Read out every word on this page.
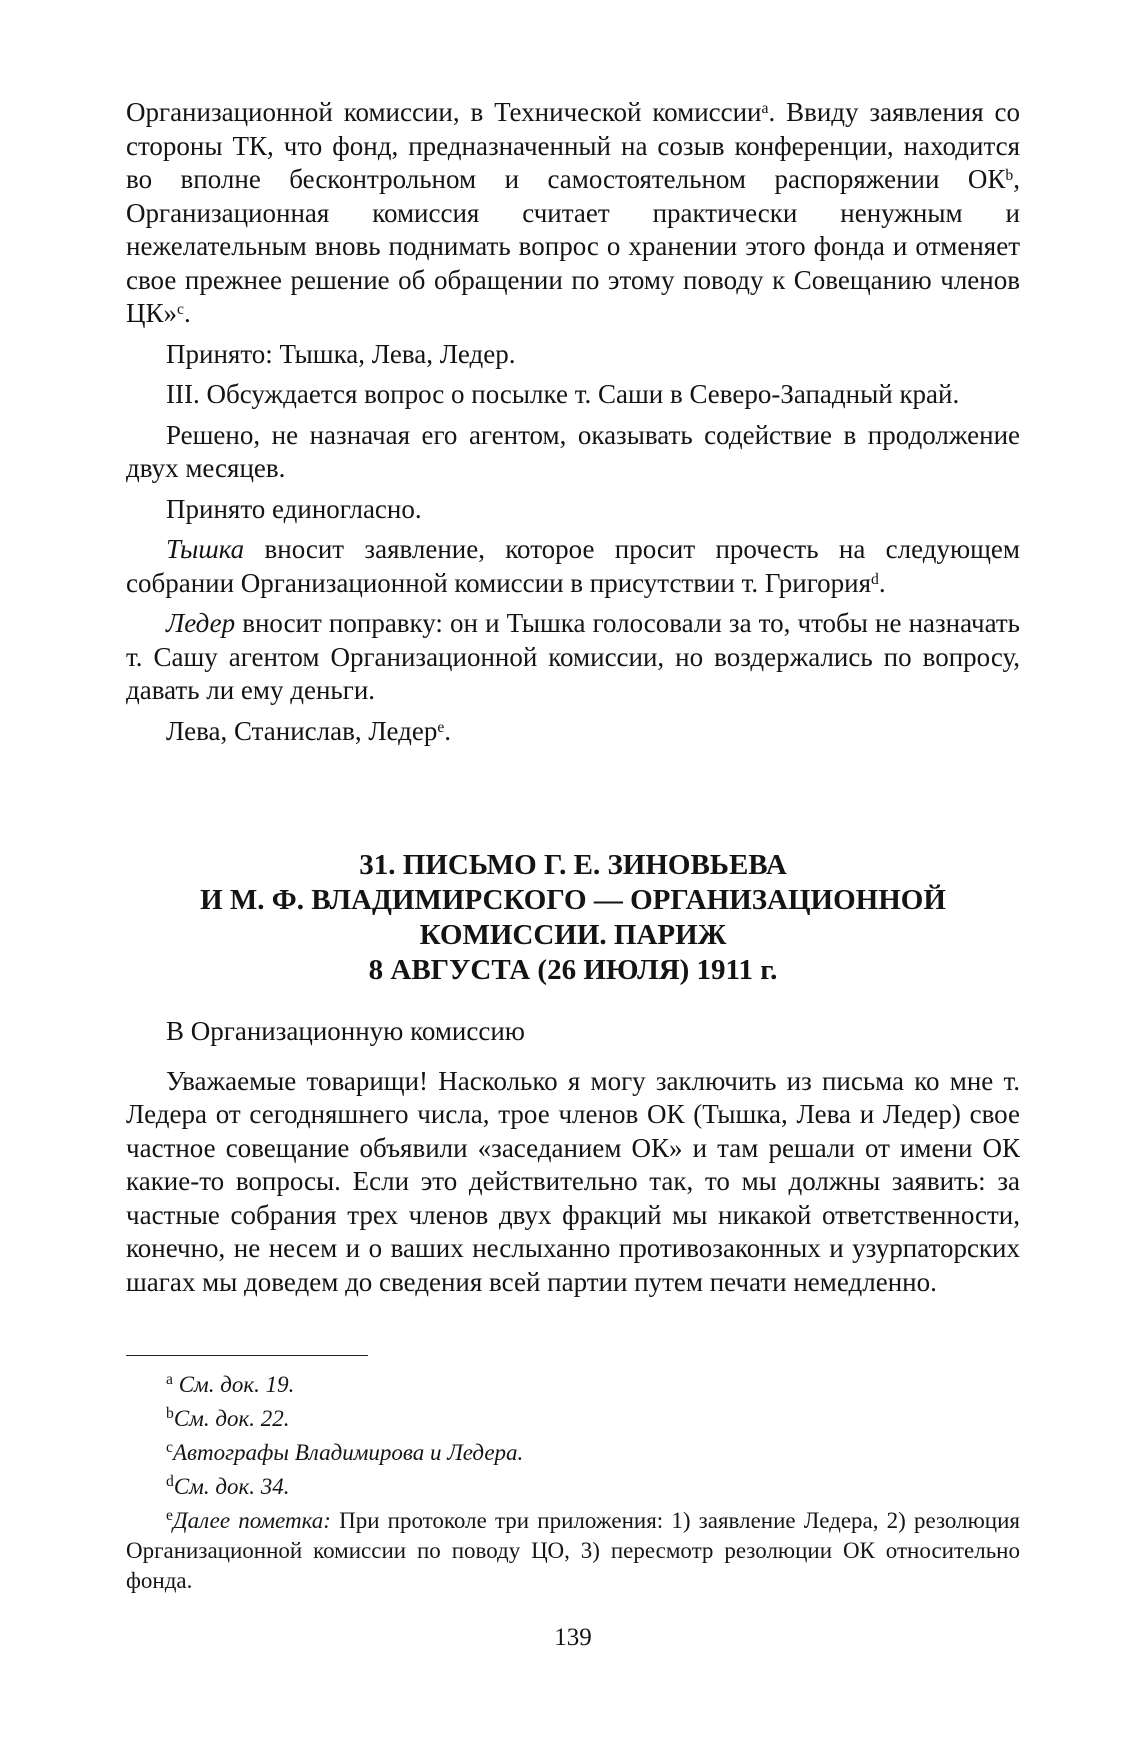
Организационной комиссии, в Технической комиссии$^a$. Ввиду заявления со стороны ТК, что фонд, предназначенный на созыв конференции, находится во вполне бесконтрольном и самостоятельном распоряжении $ОК^b$, Организационная комиссия считает практически ненужным и нежелательным вновь поднимать вопрос о хранении этого фонда и отменяет свое прежнее решение об обращении по этому поводу к Совещанию членов ЦК»$^c$.

Принято: Тышка, Лева, Ледер.

III. Обсуждается вопрос о посылке т. Саши в Северо-Западный край.

Решено, не назначая его агентом, оказывать содействие в продолжение двух месяцев.

Принято единогласно.

Тышка вносит заявление, которое просит прочесть на следующем собрании Организационной комиссии в присутствии т. Григория$^d$.

Ледер вносит поправку: он и Тышка голосовали за то, чтобы не назначать т. Сашу агентом Организационной комиссии, но воздержались по вопросу, давать ли ему деньги.

Лева, Станислав, Ледер$^e$.

31. ПИСЬМО Г. Е. ЗИНОВЬЕВА
И М. Ф. ВЛАДИМИРСКОГО — ОРГАНИЗАЦИОННОЙ
КОМИССИИ. ПАРИЖ
8 АВГУСТА (26 ИЮЛЯ) 1911 г.

В Организационную комиссию

Уважаемые товарищи! Насколько я могу заключить из письма ко мне т. Ледера от сегодняшнего числа, трое членов ОК (Тышка, Лева и Ледер) свое частное совещание объявили «заседанием ОК» и там решали от имени ОК какие-то вопросы. Если это действительно так, то мы должны заявить: за частные собрания трех членов двух фракций мы никакой ответственности, конечно, не несем и о ваших неслыханно противозаконных и узурпаторских шагах мы доведем до сведения всей партии путем печати немедленно.

$^a$ См. док. 19.

$^b$См. док. 22.

$^c$Автографы Владимирова и Ледера.

$^d$См. док. 34.

$^e$Далее пометка: При протоколе три приложения: 1) заявление Ледера, 2) резолюция Организационной комиссии по поводу ЦО, 3) пересмотр резолюции ОК относительно фонда.

139
